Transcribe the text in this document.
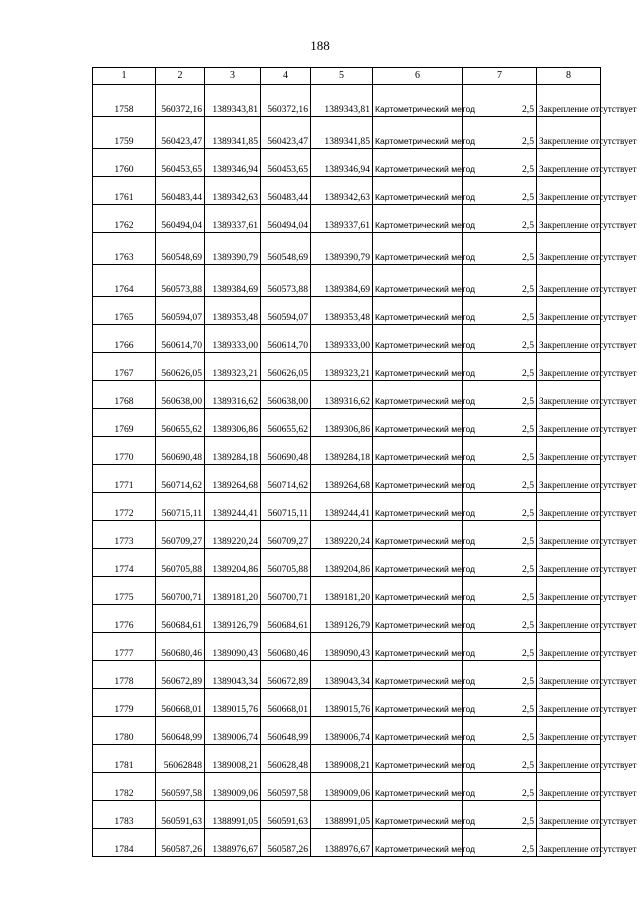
188
1	2	3	4	5	6	7	8
1758	560372,16	1389343,81	560372,16	1389343,81	Картометрический метод	2,5	Закрепление отсутствует
1759	560423,47	1389341,85	560423,47	1389341,85	Картометрический метод	2,5	Закрепление отсутствует
1760	560453,65	1389346,94	560453,65	1389346,94	Картометрический метод	2,5	Закрепление отсутствует
1761	560483,44	1389342,63	560483,44	1389342,63	Картометрический метод	2,5	Закрепление отсутствует
1762	560494,04	1389337,61	560494,04	1389337,61	Картометрический метод	2,5	Закрепление отсутствует
1763	560548,69	1389390,79	560548,69	1389390,79	Картометрический метод	2,5	Закрепление отсутствует
1764	560573,88	1389384,69	560573,88	1389384,69	Картометрический метод	2,5	Закрепление отсутствует
1765	560594,07	1389353,48	560594,07	1389353,48	Картометрический метод	2,5	Закрепление отсутствует
1766	560614,70	1389333,00	560614,70	1389333,00	Картометрический метод	2,5	Закрепление отсутствует
1767	560626,05	1389323,21	560626,05	1389323,21	Картометрический метод	2,5	Закрепление отсутствует
1768	560638,00	1389316,62	560638,00	1389316,62	Картометрический метод	2,5	Закрепление отсутствует
1769	560655,62	1389306,86	560655,62	1389306,86	Картометрический метод	2,5	Закрепление отсутствует
1770	560690,48	1389284,18	560690,48	1389284,18	Картометрический метод	2,5	Закрепление отсутствует
1771	560714,62	1389264,68	560714,62	1389264,68	Картометрический метод	2,5	Закрепление отсутствует
1772	560715,11	1389244,41	560715,11	1389244,41	Картометрический метод	2,5	Закрепление отсутствует
1773	560709,27	1389220,24	560709,27	1389220,24	Картометрический метод	2,5	Закрепление отсутствует
1774	560705,88	1389204,86	560705,88	1389204,86	Картометрический метод	2,5	Закрепление отсутствует
1775	560700,71	1389181,20	560700,71	1389181,20	Картометрический метод	2,5	Закрепление отсутствует
1776	560684,61	1389126,79	560684,61	1389126,79	Картометрический метод	2,5	Закрепление отсутствует
1777	560680,46	1389090,43	560680,46	1389090,43	Картометрический метод	2,5	Закрепление отсутствует
1778	560672,89	1389043,34	560672,89	1389043,34	Картометрический метод	2,5	Закрепление отсутствует
1779	560668,01	1389015,76	560668,01	1389015,76	Картометрический метод	2,5	Закрепление отсутствует
1780	560648,99	1389006,74	560648,99	1389006,74	Картометрический метод	2,5	Закрепление отсутствует
1781	56062848	1389008,21	560628,48	1389008,21	Картометрический метод	2,5	Закрепление отсутствует
1782	560597,58	1389009,06	560597,58	1389009,06	Картометрический метод	2,5	Закрепление отсутствует
1783	560591,63	1388991,05	560591,63	1388991,05	Картометрический метод	2,5	Закрепление отсутствует
1784	560587,26	1388976,67	560587,26	1388976,67	Картометрический метод	2,5	Закрепление отсутствует
